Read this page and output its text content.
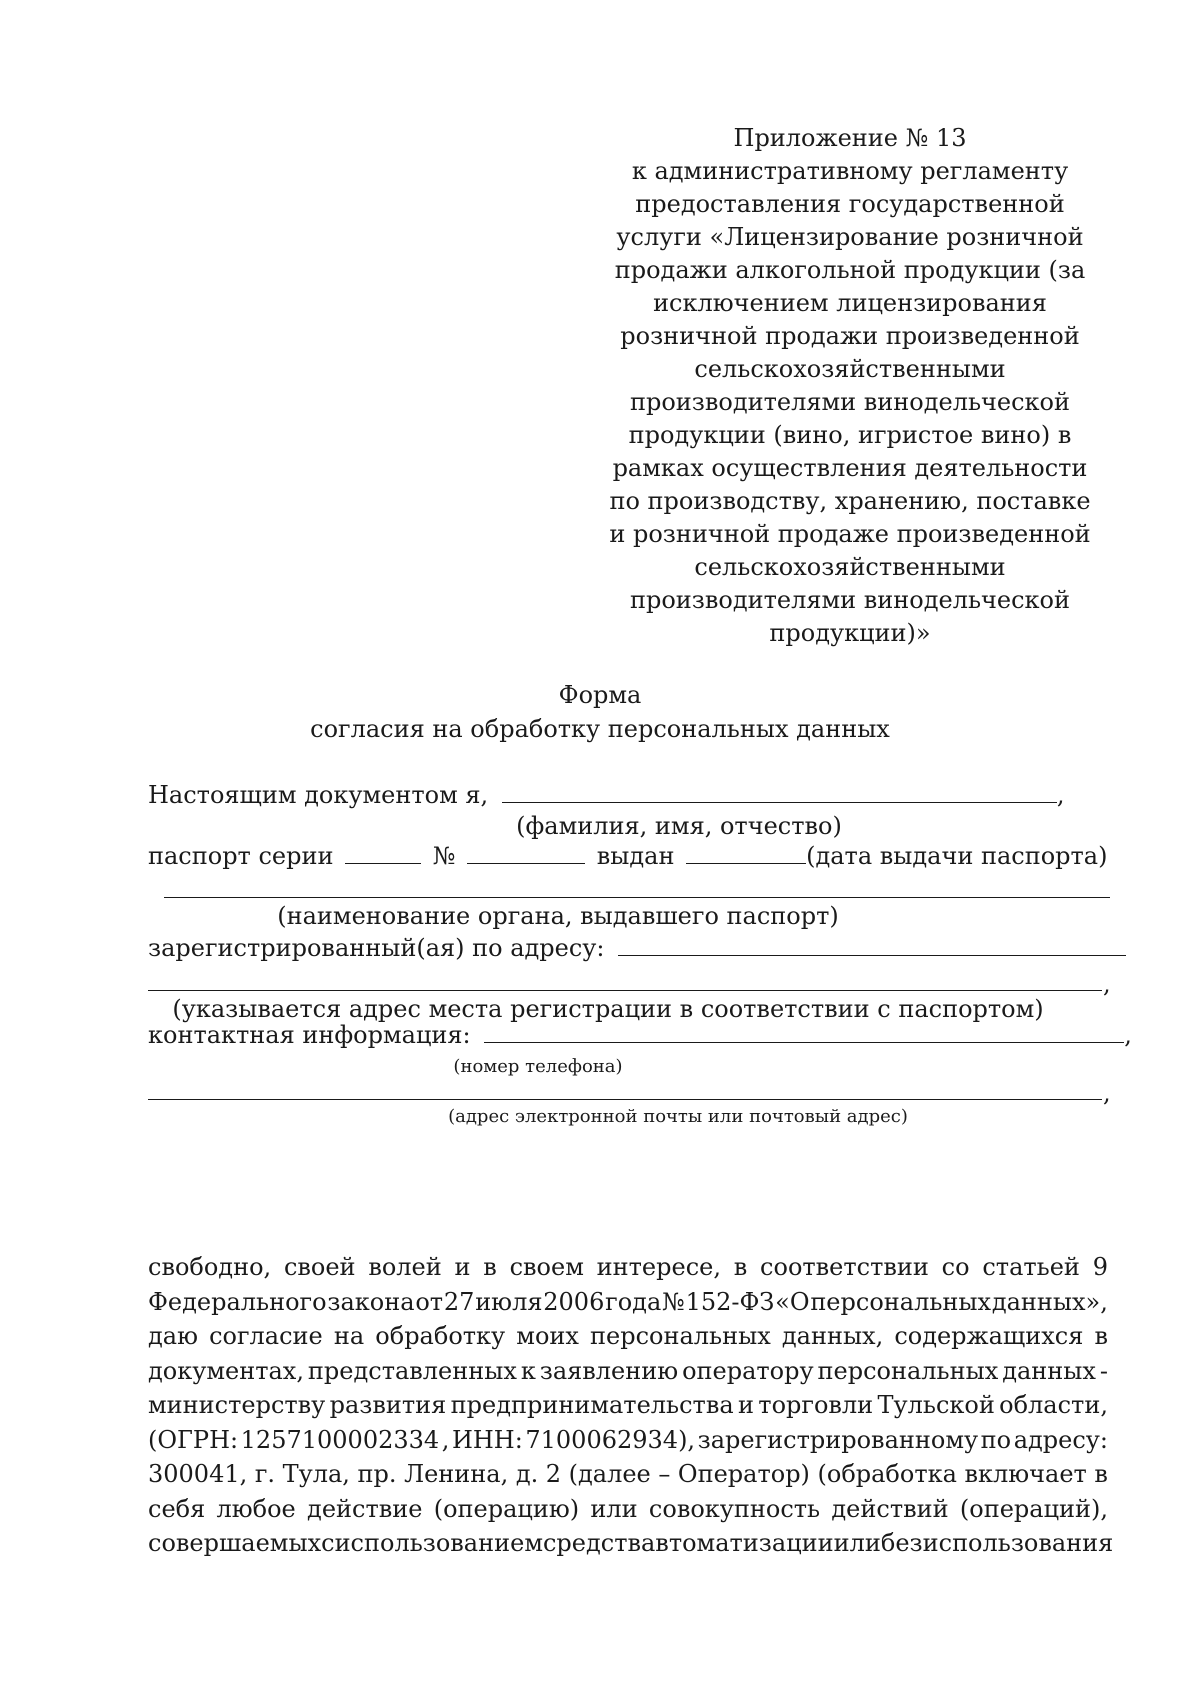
Приложение № 13
к административному регламенту
предоставления государственной
услуги «Лицензирование розничной
продажи алкогольной продукции (за
исключением лицензирования
розничной продажи произведенной
сельскохозяйственными
производителями винодельческой
продукции (вино, игристое вино) в
рамках осуществления деятельности
по производству, хранению, поставке
и розничной продаже произведенной
сельскохозяйственными
производителями винодельческой
продукции)»
Форма
согласия на обработку персональных данных
Настоящим документом я,	,
(фамилия, имя, отчество)
паспорт серии	№	выдан	(дата выдачи паспорта)
(наименование органа, выдавшего паспорт)
зарегистрированный(ая) по адресу:
,
(указывается адрес места регистрации в соответствии с паспортом)
контактная информация:	,
(номер телефона)
,
(адрес электронной почты или почтовый адрес)
свободно, своей волей и в своем интересе, в соответствии со статьей 9
Федерального закона от 27 июля 2006 года № 152-ФЗ «О персональных данных»,
даю согласие на обработку моих персональных данных, содержащихся в
документах, представленных к заявлению оператору персональных данных -
министерству развития предпринимательства и торговли Тульской области,
(ОГРН: 1257100002334 , ИНН: 7100062934), зарегистрированному по адресу:
300041, г. Тула, пр. Ленина, д. 2 (далее – Оператор) (обработка включает в
себя любое действие (операцию) или совокупность действий (операций),
совершаемых с использованием средств автоматизации или без использования
